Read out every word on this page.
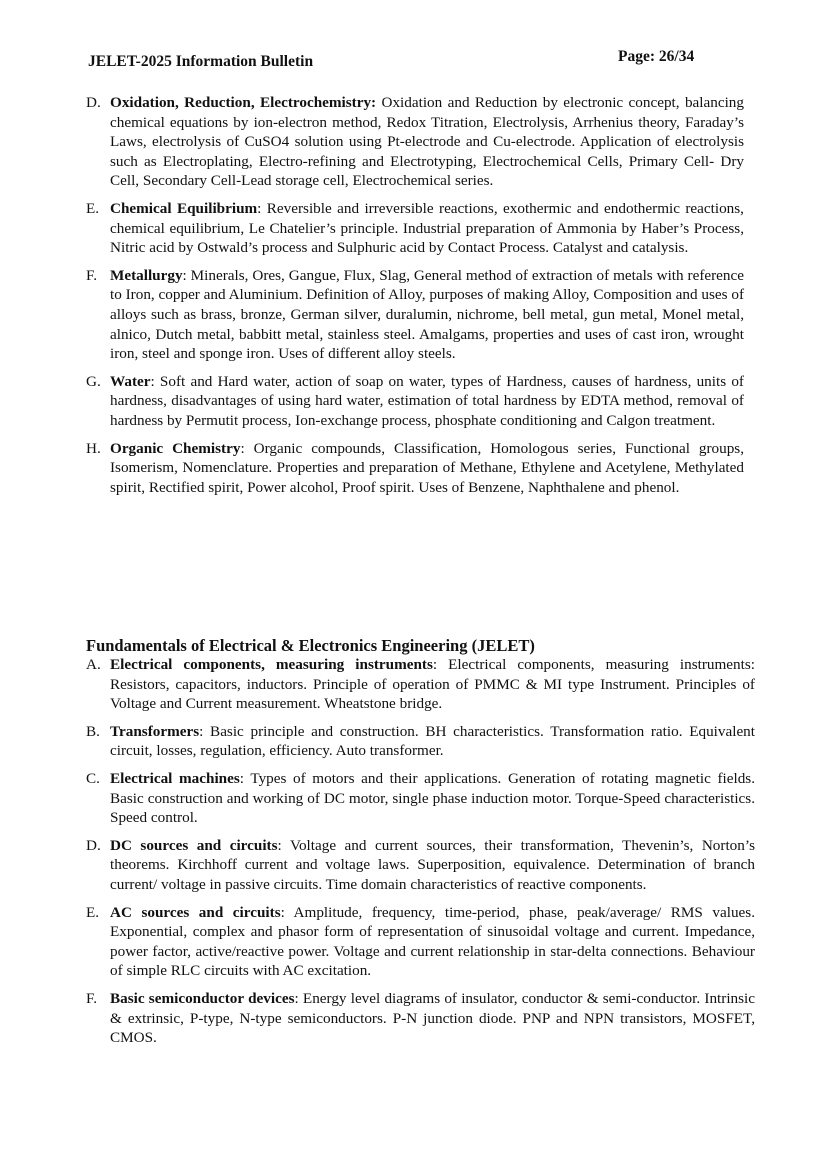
JELET-2025 Information Bulletin	Page: 26/34
D. Oxidation, Reduction, Electrochemistry: Oxidation and Reduction by electronic concept, balancing chemical equations by ion-electron method, Redox Titration, Electrolysis, Arrhenius theory, Faraday’s Laws, electrolysis of CuSO4 solution using Pt-electrode and Cu-electrode. Application of electrolysis such as Electroplating, Electro-refining and Electrotyping, Electrochemical Cells, Primary Cell- Dry Cell, Secondary Cell-Lead storage cell, Electrochemical series.
E. Chemical Equilibrium: Reversible and irreversible reactions, exothermic and endothermic reactions, chemical equilibrium, Le Chatelier’s principle. Industrial preparation of Ammonia by Haber’s Process, Nitric acid by Ostwald’s process and Sulphuric acid by Contact Process. Catalyst and catalysis.
F. Metallurgy: Minerals, Ores, Gangue, Flux, Slag, General method of extraction of metals with reference to Iron, copper and Aluminium. Definition of Alloy, purposes of making Alloy, Composition and uses of alloys such as brass, bronze, German silver, duralumin, nichrome, bell metal, gun metal, Monel metal, alnico, Dutch metal, babbitt metal, stainless steel. Amalgams, properties and uses of cast iron, wrought iron, steel and sponge iron. Uses of different alloy steels.
G. Water: Soft and Hard water, action of soap on water, types of Hardness, causes of hardness, units of hardness, disadvantages of using hard water, estimation of total hardness by EDTA method, removal of hardness by Permutit process, Ion-exchange process, phosphate conditioning and Calgon treatment.
H. Organic Chemistry: Organic compounds, Classification, Homologous series, Functional groups, Isomerism, Nomenclature. Properties and preparation of Methane, Ethylene and Acetylene, Methylated spirit, Rectified spirit, Power alcohol, Proof spirit. Uses of Benzene, Naphthalene and phenol.
Fundamentals of Electrical & Electronics Engineering (JELET)
A. Electrical components, measuring instruments: Electrical components, measuring instruments: Resistors, capacitors, inductors. Principle of operation of PMMC & MI type Instrument. Principles of Voltage and Current measurement. Wheatstone bridge.
B. Transformers: Basic principle and construction. BH characteristics. Transformation ratio. Equivalent circuit, losses, regulation, efficiency. Auto transformer.
C. Electrical machines: Types of motors and their applications. Generation of rotating magnetic fields. Basic construction and working of DC motor, single phase induction motor. Torque-Speed characteristics. Speed control.
D. DC sources and circuits: Voltage and current sources, their transformation, Thevenin’s, Norton’s theorems. Kirchhoff current and voltage laws. Superposition, equivalence. Determination of branch current/ voltage in passive circuits. Time domain characteristics of reactive components.
E. AC sources and circuits: Amplitude, frequency, time-period, phase, peak/average/ RMS values. Exponential, complex and phasor form of representation of sinusoidal voltage and current. Impedance, power factor, active/reactive power. Voltage and current relationship in star-delta connections. Behaviour of simple RLC circuits with AC excitation.
F. Basic semiconductor devices: Energy level diagrams of insulator, conductor & semi-conductor. Intrinsic & extrinsic, P-type, N-type semiconductors. P-N junction diode. PNP and NPN transistors, MOSFET, CMOS.
